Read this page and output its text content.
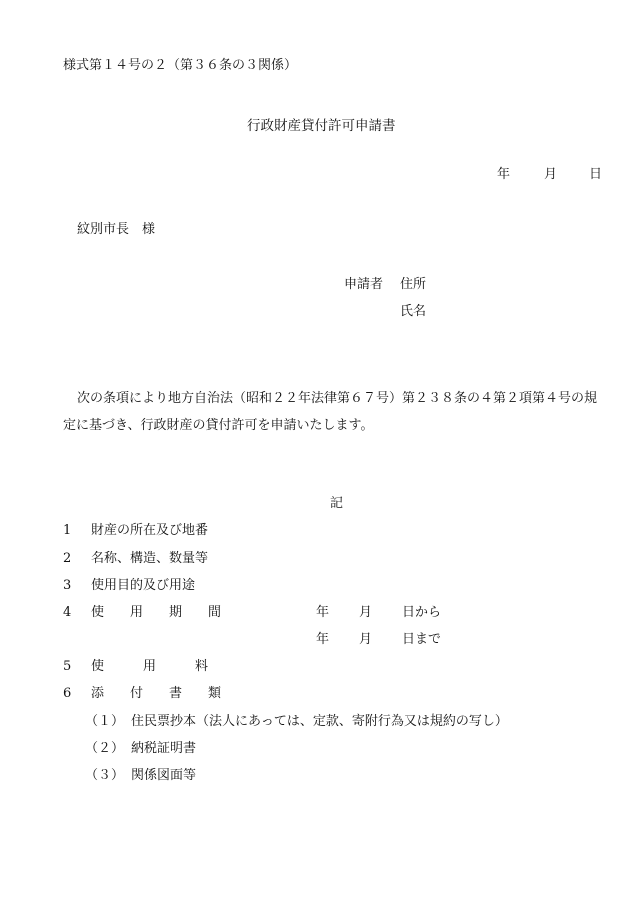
様式第１４号の２（第３６条の３関係）
行政財産貸付許可申請書
年	月 日
紋別市長　様
申請者 住所
氏名
次の条項により地方自治法（昭和２２年法律第６７号）第２３８条の４第２項第４号の規定に基づき、行政財産の貸付許可を申請いたします。
記
1 財産の所在及び地番
2 名称、構造、数量等
3 使用目的及び用途
4 使　　用　　期　　間	年 月 日から
年 月 日まで
5 使　　　用　　　料
6 添　　付　　書　　類
（１） 住民票抄本（法人にあっては、定款、寄附行為又は規約の写し）
（２） 納税証明書
（３） 関係図面等
